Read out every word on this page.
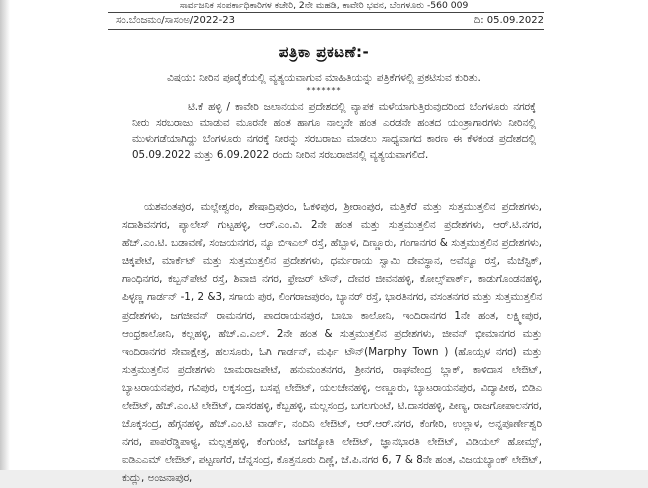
ಸಾರ್ವಜನಿಕ ಸಂಪರ್ಕಾಧಿಕಾರಿಗಳ ಕಚೇರಿ, 2ನೇ ಮಹಡಿ, ಕಾವೇರಿ ಭವನ, ಬೆಂಗಳೂರು -560 009
ಸಂ.ಬೆಂಜಮಂ/ಸಾಸಂಅ/2022-23	ದಿ: 05.09.2022
ಪತ್ರಿಕಾ ಪ್ರಕಟಣೆ:-
ವಿಷಯ: ನೀರಿನ ಪೂರೈಕೆಯಲ್ಲಿ ವ್ಯತ್ಯಯವಾಗುವ ಮಾಹಿತಿಯನ್ನು ಪತ್ರಿಕೆಗಳಲ್ಲಿ ಪ್ರಕಟಿಸುವ ಕುರಿತು.
*******

ಟಿ.ಕೆ ಹಳ್ಳಿ / ಕಾವೇರಿ ಜಲಾನಯನ ಪ್ರದೇಶದಲ್ಲಿ ವ್ಯಾಪಕ ಮಳೆಯಾಗುತ್ತಿರುವುದರಿಂದ ಬೆಂಗಳೂರು ನಗರಕ್ಕೆ ನೀರು ಸರಬರಾಜು ಮಾಡುವ ಮೂರನೇ ಹಂತ ಹಾಗೂ ನಾಲ್ಕನೇ ಹಂತ ಎರಡನೇ ಹಂತದ ಯಂತ್ರಾಗಾರಗಳು ನೀರಿನಲ್ಲಿ ಮುಳುಗಡೆಯಾಗಿದ್ದು ಬೆಂಗಳೂರು ನಗರಕ್ಕೆ ನೀರನ್ನು ಸರಬರಾಜು ಮಾಡಲು ಸಾಧ್ಯವಾಗದ ಕಾರಣ ಈ ಕೆಳಕಂಡ ಪ್ರದೇಶದಲ್ಲಿ 05.09.2022 ಮತ್ತು 6.09.2022 ರಂದು ನೀರಿನ ಸರಬರಾಜಿನಲ್ಲಿ ವ್ಯತ್ಯಯವಾಗಲಿದೆ.

ಯಶವಂತಪುರ, ಮಲ್ಲೇಶ್ವರಂ, ಶೇಷಾದ್ರಿಪುರಂ, ಓಕಳಿಪುರ, ಶ್ರೀರಾಂಪುರ, ಮತ್ತಿಕೆರೆ ಮತ್ತು ಸುತ್ತಮುತ್ತಲಿನ ಪ್ರದೇಶಗಳು, ಸದಾಶಿವನಗರ, ಪ್ಯಾಲೇಸ್ ಗುಟ್ಟಹಳ್ಳಿ, ಆರ್.ಎಂ.ವಿ. 2ನೇ ಹಂತ ಮತ್ತು ಸುತ್ತಮುತ್ತಲಿನ ಪ್ರದೇಶಗಳು, ಆರ್.ಟಿ.ನಗರ, ಹೆಚ್.ಎಂ.ಟಿ. ಬಡಾವಣೆ, ಸಂಜಯನಗರ, ನ್ಯೂ ಬಿಇಎಲ್ ರಸ್ತೆ, ಹೆಬ್ಬಾಳ, ದಿಣ್ಣೂರು, ಗಂಗಾನಗರ & ಸುತ್ತಮುತ್ತಲಿನ ಪ್ರದೇಶಗಳು, ಚಿಕ್ಕಪೇಟೆ, ಮಾರ್ಕೆಟ್ ಮತ್ತು ಸುತ್ತಮುತ್ತಲಿನ ಪ್ರದೇಶಗಳು, ಧರ್ಮರಾಯ ಸ್ವಾಮಿ ದೇವಸ್ಥಾನ, ಅವೆನ್ಯೂ ರಸ್ತೆ, ಮೆಜೆಸ್ಟಿಕ್, ಗಾಂಧಿನಗರ, ಕಬ್ಬನ್‌ಪೇಟೆ ರಸ್ತೆ, ಶಿವಾಜಿ ನಗರ, ಫ್ರೇಜರ್ ಟೌನ್, ದೇವರ ಜೀವನಹಳ್ಳಿ, ಕೋಲ್ಸ್‌ಪಾರ್ಕ್, ಕಾಡುಗೊಂಡನಹಳ್ಳಿ, ಪಿಳ್ಳಣ್ಣ ಗಾರ್ಡನ್ -1, 2 &3, ಸಗಾಯ ಪುರ, ಲಿಂಗರಾಜಪುರಂ, ಬ್ಯಾನರ್ ರಸ್ತೆ, ಭಾರತಿನಗರ, ವಸಂತನಗರ ಮತ್ತು ಸುತ್ತಮುತ್ತಲಿನ ಪ್ರದೇಶಗಳು, ಜಗಜೀವನ್ ರಾಮನಗರ, ಪಾದರಾಯನಪುರ, ಬಾಬಾ ಕಾಲೋನಿ, ಇಂದಿರಾನಗರ 1ನೇ ಹಂತ, ಲಕ್ಷ್ಮೀಪುರ, ಆಂಧ್ರಕಾಲೋನಿ, ಕಲ್ಲಹಳ್ಳಿ, ಹೆಚ್.ಎ.ಎಲ್. 2ನೇ ಹಂತ & ಸುತ್ತಮುತ್ತಲಿನ ಪ್ರದೇಶಗಳು, ಜೀವನ್ ಭೀಮಾನಗರ ಮತ್ತು ಇಂದಿರಾನಗರ ಸೇವಾಕ್ಷೇತ್ರ, ಹಲಸೂರು, ಓಗಿ ಗಾರ್ಡನ್, ಮರ್ಫಿ ಟೌನ್(Marphy Town ) (ಹೊಯ್ಸಳ ನಗರ) ಮತ್ತು ಸುತ್ತಮುತ್ತಲಿನ ಪ್ರದೇಶಗಳು ಚಾಮರಾಜಪೇಟೆ, ಹನುಮಂತನಗರ, ಶ್ರೀನಗರ, ರಾಘವೇಂದ್ರ ಬ್ಲಾಕ್, ಕಾಳಿದಾಸ ಲೇಔಟ್, ಬ್ಯಾಟರಾಯನಪುರ, ಗವಿಪುರ, ಲಕ್ಕಸಂದ್ರ, ಬಸಪ್ಪ ಲೇಔಟ್, ಯಲಚೇನಹಳ್ಳಿ, ಅಣ್ಣೂರು, ಬ್ಯಾಟರಾಯನಪುರ, ವಿದ್ಯಾಪೀಠ, ಬಿಡಿಎ ಲೇಔಟ್, ಹೆಚ್.ಎಂ.ಟಿ ಲೇಔಟ್, ದಾಸರಹಳ್ಳಿ, ಕೆಬ್ಬಹಳ್ಳಿ, ಮಲ್ಲಸಂದ್ರ, ಬಗಲಗುಂಟೆ, ಟಿ.ದಾಸರಹಳ್ಳಿ, ಪೀಣ್ಯ, ರಾಜಗೋಪಾಲನಗರ, ಚೊಕ್ಕಸಂದ್ರ, ಹೆಗ್ಗನಹಳ್ಳಿ, ಹೆಚ್.ಎಂ.ಟಿ ವಾರ್ಡ್, ನಂದಿನಿ ಲೇಔಟ್, ಆರ್.ಆರ್.ನಗರ, ಕೆಂಗೇರಿ, ಉಲ್ಲಾಳ, ಅನ್ನಪೂರ್ಣೇಶ್ವರಿ ನಗರ, ಪಾಪರೆಡ್ಡಿಪಾಳ್ಯ, ಮಲ್ಲತ್ತಹಳ್ಳಿ, ಕೆಂಗುಂಟೆ, ಜಗಜ್ಯೋತಿ ಲೇಔಟ್, ಜ್ಞಾನಭಾರತಿ ಲೇಔಟ್, ವಿಡಿಯಲ್ ಹೋಮ್ಸ್, ಐಡಿಎಎಮ್ ಲೇಔಟ್, ಪಟ್ಟಣಗೆರೆ, ಚೆನ್ನಸಂದ್ರ, ಕೊತ್ತನೂರು ದಿಣ್ಣೆ, ಜೆ.ಪಿ.ನಗರ 6, 7 & 8ನೇ ಹಂತ, ವಿಜಯಬ್ಯಾಂಕ್ ಲೇಔಟ್, ಕುದ್ಲು, ಅಂಜನಾಪುರ,
